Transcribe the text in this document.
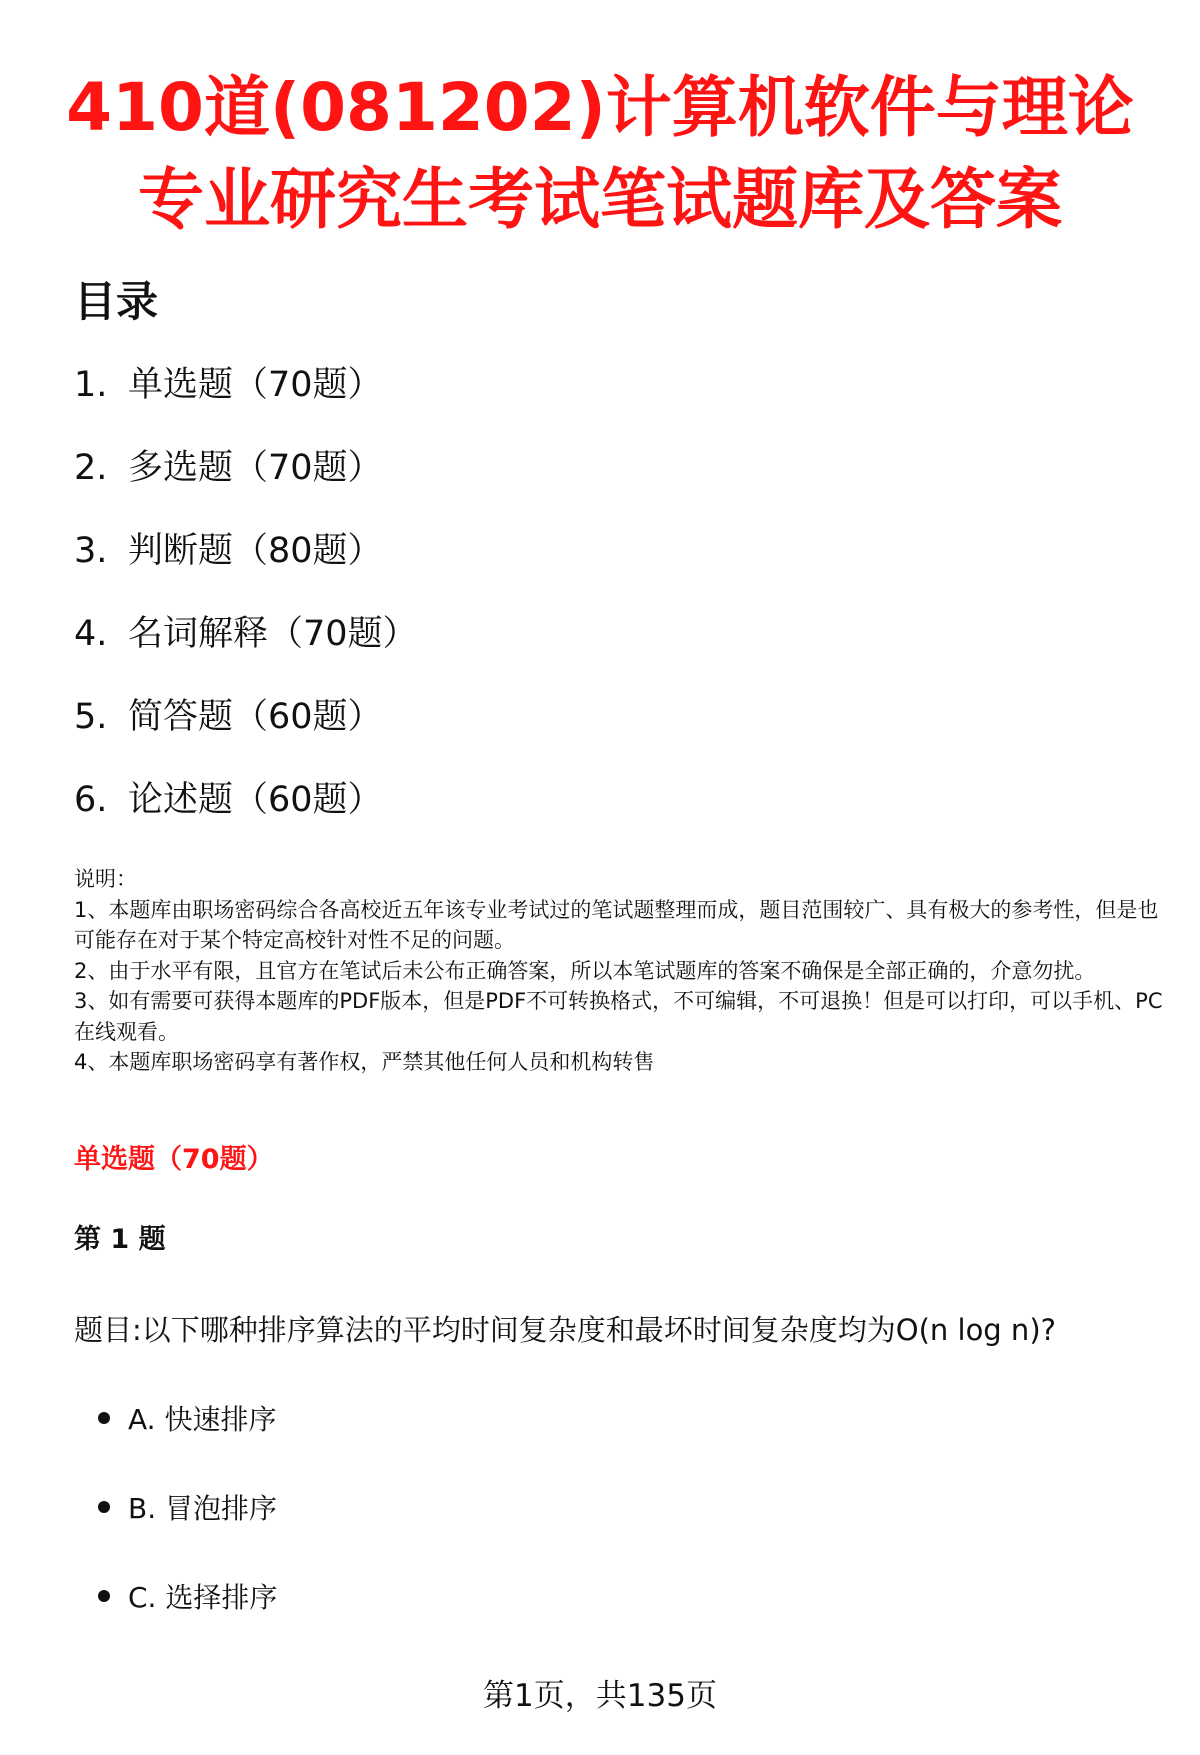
410道(081202)计算机软件与理论
专业研究生考试笔试题库及答案
目录
1. 单选题（70题）
2. 多选题（70题）
3. 判断题（80题）
4. 名词解释（70题）
5. 简答题（60题）
6. 论述题（60题）
说明：
1、本题库由职场密码综合各高校近五年该专业考试过的笔试题整理而成，题目范围较广、具有极大的参考性，但是也可能存在对于某个特定高校针对性不足的问题。
2、由于水平有限，且官方在笔试后未公布正确答案，所以本笔试题库的答案不确保是全部正确的，介意勿扰。
3、如有需要可获得本题库的PDF版本，但是PDF不可转换格式，不可编辑，不可退换！但是可以打印，可以手机、PC在线观看。
4、本题库职场密码享有著作权，严禁其他任何人员和机构转售
单选题（70题）
第 1 题
题目:以下哪种排序算法的平均时间复杂度和最坏时间复杂度均为O(n log n)?
A. 快速排序
B. 冒泡排序
C. 选择排序
第1页，共135页
